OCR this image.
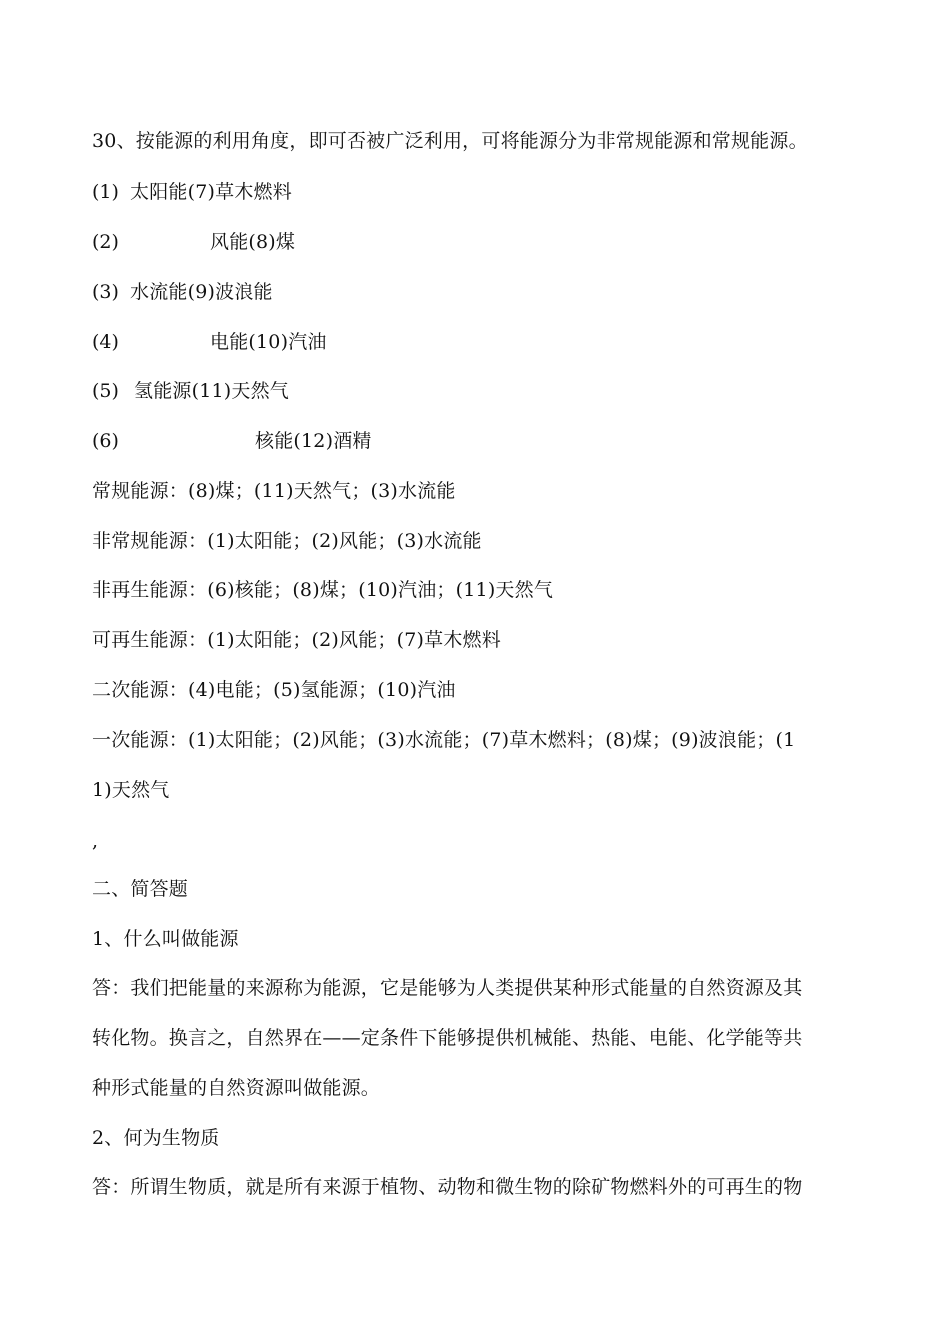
30、按能源的利用角度，即可否被广泛利用，可将能源分为非常规能源和常规能源。
(1) 太阳能(7)草木燃料
(2)	风能(8)煤
(3) 水流能(9)波浪能
(4)	电能(10)汽油
(5) 氢能源(11)天然气
(6)	核能(12)酒精
常规能源：(8)煤；(11)天然气；(3)水流能
非常规能源：(1)太阳能；(2)风能；(3)水流能
非再生能源：(6)核能；(8)煤；(10)汽油；(11)天然气
可再生能源：(1)太阳能；(2)风能；(7)草木燃料
二次能源：(4)电能；(5)氢能源；(10)汽油
一次能源：(1)太阳能；(2)风能；(3)水流能；(7)草木燃料；(8)煤；(9)波浪能；(1
1)天然气
,
二、简答题
1、什么叫做能源
答：我们把能量的来源称为能源，它是能够为人类提供某种形式能量的自然资源及其
转化物。换言之，自然界在——定条件下能够提供机械能、热能、电能、化学能等共
种形式能量的自然资源叫做能源。
2、何为生物质
答：所谓生物质，就是所有来源于植物、动物和微生物的除矿物燃料外的可再生的物
